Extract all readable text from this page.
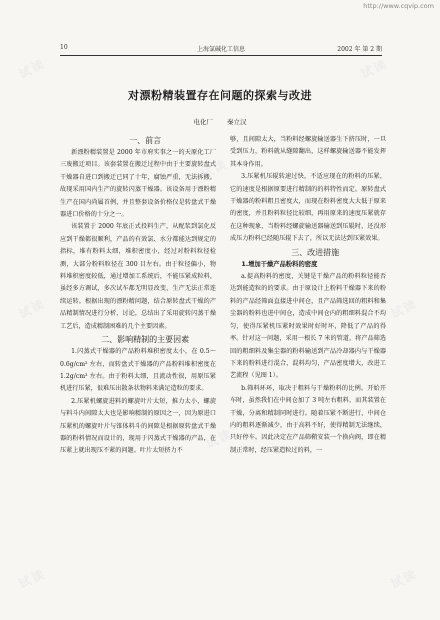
http://www.cqvip.com
试读	试读
试读
试读	试读
试读
试读	试读
10	上海氯碱化工信息	2002 年 第 2 期
对漂粉精装置存在问题的探索与改进
电化厂 秦立汉

一、前言

新漂粉精装置是 2000 年市府实事之一的天原化工厂三废搬迁项目。该套装置在搬迁过程中由于主要旋转盘式干燥器自进口到搬迁已同了十年，腐蚀严重，无法拆搬。故现采用国内生产的旋转闪蒸干燥器。该设备用于漂粉精生产在国内尚属首例，并且整套设备价格仅是转盘式干燥器进口价格的十分之一。

该装置于 2000 年底正式投料生产，从配浆到氯化反应到干燥都很顺利，产品的有效氯、水分都能达到规定的指标，堆有粉料太细，堆积密度小，经过对粉料粒径检测，大部分粉料粒径在 300 目左右。由于粒径偏小，物料堆积密度较低，通过增加工系统后，不能压紧成粒料，虽经多方调试，多次试车都无明显改变，生产无法正常连续运转。根据出现的漂粉精问题，结合原转盘式干燥的产品精制情况进行分析、讨论，总结出了采用旋转闪蒸干燥工艺后，造成精制困难的几个主要因素。

二、影响精制的主要因素

1.闪蒸式干燥器的产品粉料堆积密度太小，在 0.5～0.6g/cm³ 左右，而转盘式干燥器的产品粉料堆积密度在 1.2g/cm³ 左右。由于粉料太细，且流动性很，用原压紧机进行压紧，很难压出散条状物料来满足造粒的要求。

2.压紧机螺旋进料的螺旋叶片太短，推力太小，螺旋与料斗内间隙太大也是影响精制的原因之一，因为原进口压紧机的螺旋叶片与锥体料斗的间隙是根据原转盘式干燥器的粉料情况而设计的，现用于闪蒸式干燥器的产品，在压紧上就出现压不紧的问题。叶片太短挤力不

够，且间隙太大，当粉料经螺旋输送器生下挤压时，一旦受到压力，粉料就从缝隙翻出，这样螺旋输送器不能发挥其本身作用。

3.压紧机压辊转速过快，不适应现在的粉料的压紧，它的速度是根据原要进行精制的的料特性而定。原转盘式干燥器的粉料粗且密度大，而现在粉料密度大大低于原来的密度，并且粉料粒径比较细，再用原来的速度压紧就存在这种现象，当粉料经螺旋输送器输送到压辊时，还没形成压力粉料已经随压辊下去了，所以无法达到压紧效果。

三、改进措施

1.增加干燥产品粉料的密度

a.提高粉料的密度，关键是干燥产品的粉料粒径能否达到能造粒的的要求。由于原设计上粉料干燥器下来的粉料的产品经筛面直接进中间仓，且产品筛选回的粗料和集尘器的粉料也进中间仓，造成中间仓内的粗细料混合不均匀，使得压紧机压紧时效果时好时坏，降低了产品的得率。针对这一问题，采用一根长 7 米的管道，将产品筛选回的粗细料及集尘器的粉料输送到产品冷却器内与干燥器下来的粉料进行混合，混料均匀，产品密度增大，改进工艺流程（见图 1）。

b.筛料环环，取决于粗料与干燥粉料的比例。开始开车时，虽然我们在中间仓加了 3 吨左右粗料，而其装置在干燥，分离和精制同时进行。随着压紧不断进行，中间仓内的粗料逐渐减少，由于高料不好，使得精制无法继续，只好停车。因此决定在产品筛鞘安装一个换向阀，即在精制正常时，经压紧造粒过的料，一
